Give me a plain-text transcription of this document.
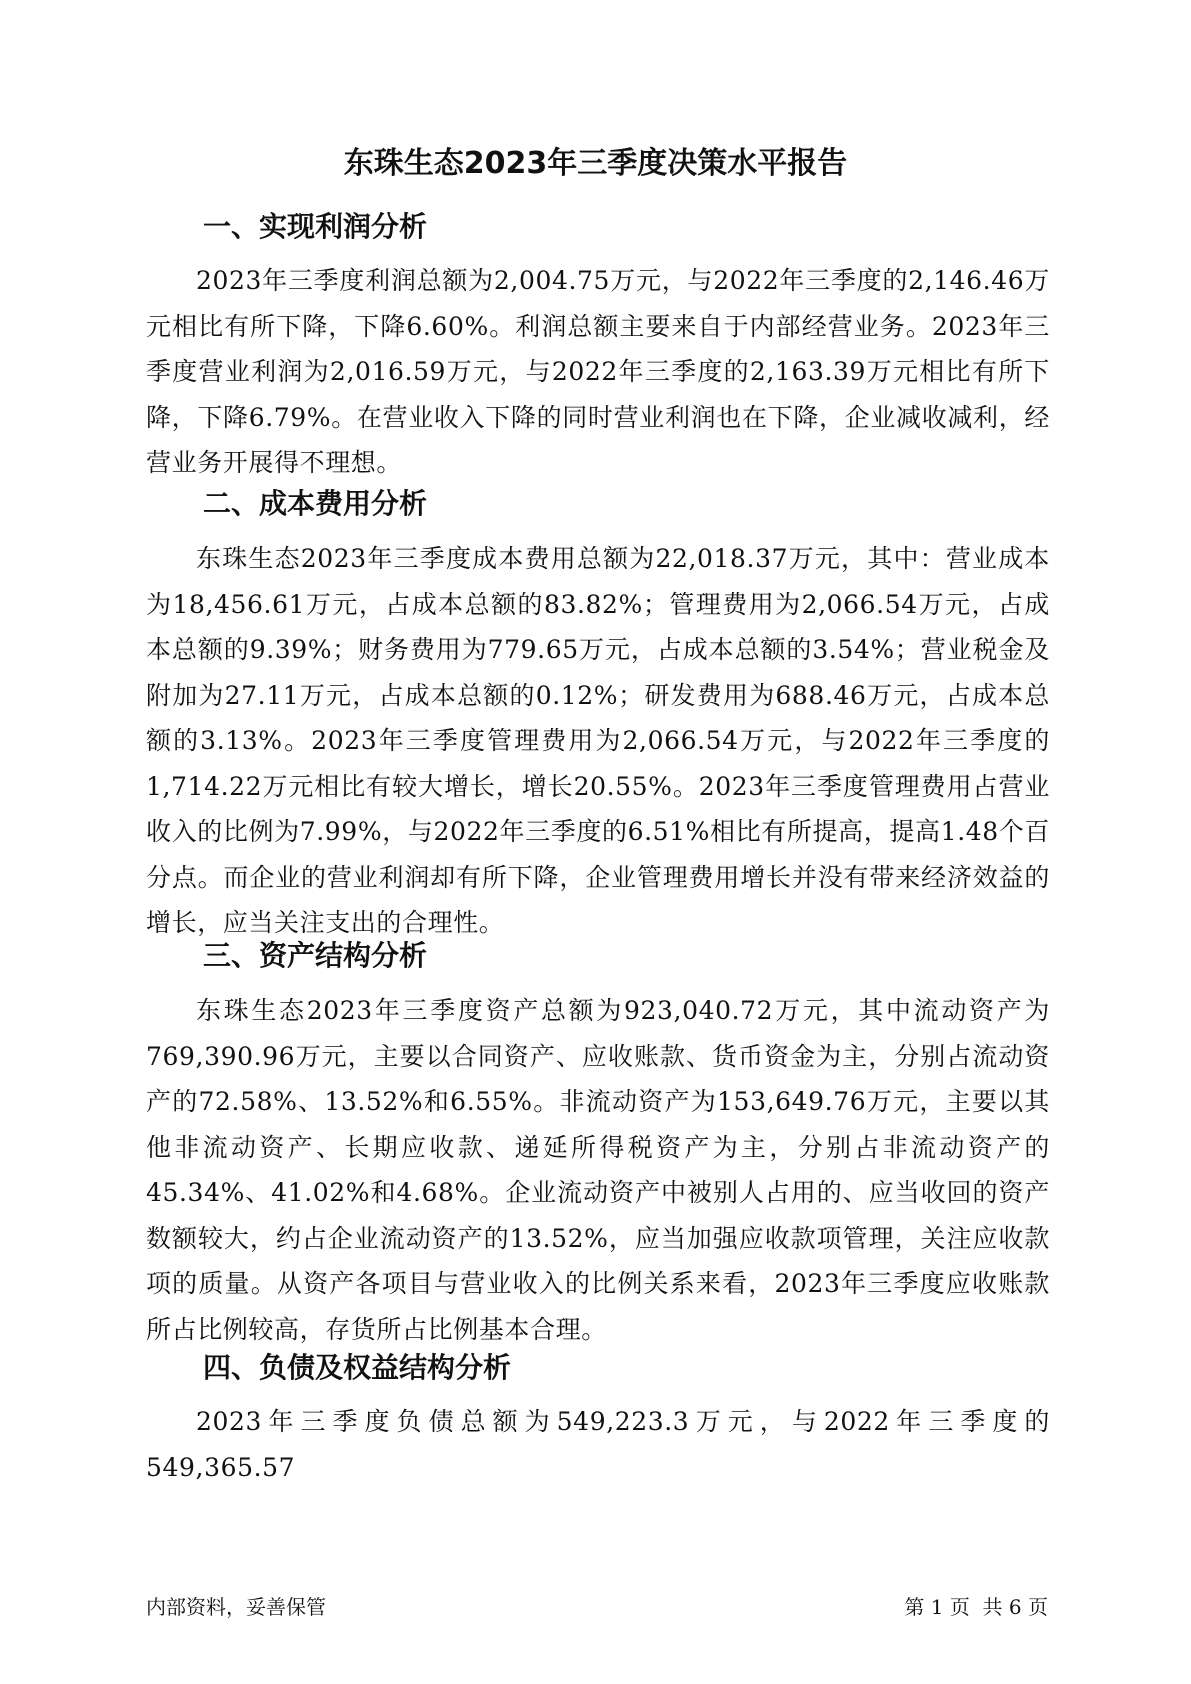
东珠生态2023年三季度决策水平报告
一、实现利润分析
2023年三季度利润总额为2,004.75万元，与2022年三季度的2,146.46万元相比有所下降，下降6.60%。利润总额主要来自于内部经营业务。2023年三季度营业利润为2,016.59万元，与2022年三季度的2,163.39万元相比有所下降，下降6.79%。在营业收入下降的同时营业利润也在下降，企业减收减利，经营业务开展得不理想。
二、成本费用分析
东珠生态2023年三季度成本费用总额为22,018.37万元，其中：营业成本为18,456.61万元，占成本总额的83.82%；管理费用为2,066.54万元，占成本总额的9.39%；财务费用为779.65万元，占成本总额的3.54%；营业税金及附加为27.11万元，占成本总额的0.12%；研发费用为688.46万元，占成本总额的3.13%。2023年三季度管理费用为2,066.54万元，与2022年三季度的1,714.22万元相比有较大增长，增长20.55%。2023年三季度管理费用占营业收入的比例为7.99%，与2022年三季度的6.51%相比有所提高，提高1.48个百分点。而企业的营业利润却有所下降，企业管理费用增长并没有带来经济效益的增长，应当关注支出的合理性。
三、资产结构分析
东珠生态2023年三季度资产总额为923,040.72万元，其中流动资产为769,390.96万元，主要以合同资产、应收账款、货币资金为主，分别占流动资产的72.58%、13.52%和6.55%。非流动资产为153,649.76万元，主要以其他非流动资产、长期应收款、递延所得税资产为主，分别占非流动资产的45.34%、41.02%和4.68%。企业流动资产中被别人占用的、应当收回的资产数额较大，约占企业流动资产的13.52%，应当加强应收款项管理，关注应收款项的质量。从资产各项目与营业收入的比例关系来看，2023年三季度应收账款所占比例较高，存货所占比例基本合理。
四、负债及权益结构分析
2023年三季度负债总额为549,223.3万元，与2022年三季度的549,365.57
内部资料，妥善保管	第 1 页  共 6 页
